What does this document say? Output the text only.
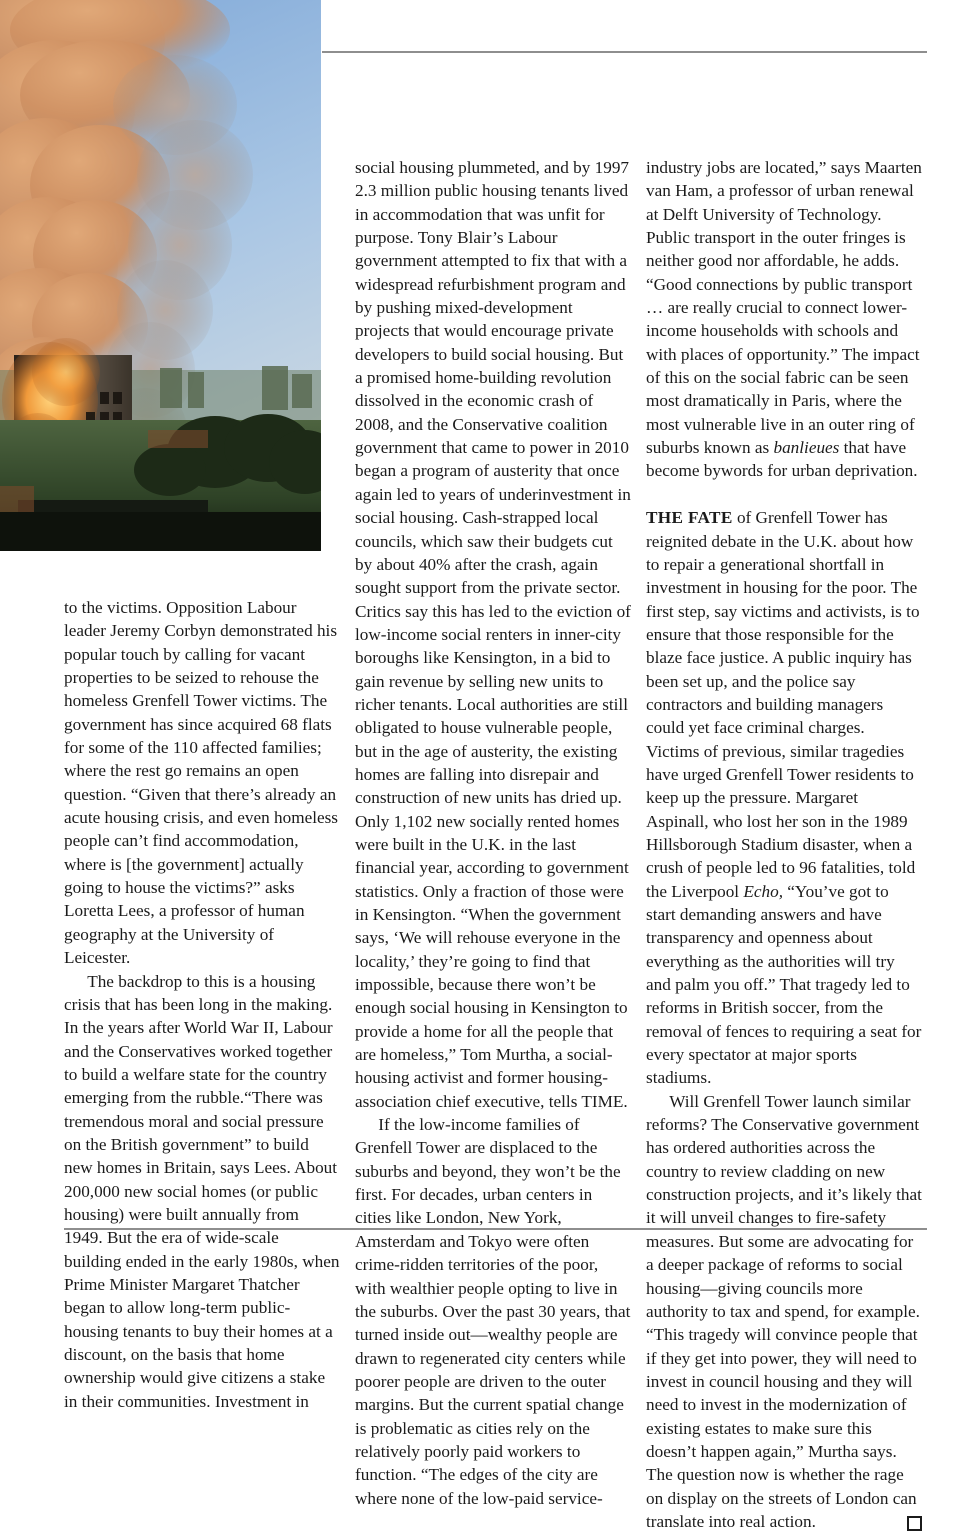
to the victims. Opposition Labour leader Jeremy Corbyn demonstrated his popular touch by calling for vacant properties to be seized to rehouse the homeless Grenfell Tower victims. The government has since acquired 68 flats for some of the 110 affected families; where the rest go remains an open question. “Given that there’s already an acute housing crisis, and even homeless people can’t find accommodation, where is [the government] actually going to house the victims?” asks Loretta Lees, a professor of human geography at the University of Leicester.

The backdrop to this is a housing crisis that has been long in the making. In the years after World War II, Labour and the Conservatives worked together to build a welfare state for the country emerging from the rubble.“There was tremendous moral and social pressure on the British government” to build new homes in Britain, says Lees. About 200,000 new social homes (or public housing) were built annually from 1949. But the era of wide-scale building ended in the early 1980s, when Prime Minister Margaret Thatcher began to allow long-term public-housing tenants to buy their homes at a discount, on the basis that home ownership would give citizens a stake in their communities. Investment in

social housing plummeted, and by 1997 2.3 million public housing tenants lived in accommodation that was unfit for purpose. Tony Blair’s Labour government attempted to fix that with a widespread refurbishment program and by pushing mixed-development projects that would encourage private developers to build social housing. But a promised home-building revolution dissolved in the economic crash of 2008, and the Conservative coalition government that came to power in 2010 began a program of austerity that once again led to years of underinvestment in social housing. Cash-strapped local councils, which saw their budgets cut by about 40% after the crash, again sought support from the private sector. Critics say this has led to the eviction of low-income social renters in inner-city boroughs like Kensington, in a bid to gain revenue by selling new units to richer tenants. Local authorities are still obligated to house vulnerable people, but in the age of austerity, the existing homes are falling into disrepair and construction of new units has dried up. Only 1,102 new socially rented homes were built in the U.K. in the last financial year, according to government statistics. Only a fraction of those were in Kensington. “When the government says, ‘We will rehouse everyone in the locality,’ they’re going to find that impossible, because there won’t be enough social housing in Kensington to provide a home for all the people that are homeless,” Tom Murtha, a social-housing activist and former housing-association chief executive, tells TIME.

If the low-income families of Grenfell Tower are displaced to the suburbs and beyond, they won’t be the first. For decades, urban centers in cities like London, New York, Amsterdam and Tokyo were often crime-ridden territories of the poor, with wealthier people opting to live in the suburbs. Over the past 30 years, that turned inside out—wealthy people are drawn to regenerated city centers while poorer people are driven to the outer margins. But the current spatial change is problematic as cities rely on the relatively poorly paid workers to function. “The edges of the city are where none of the low-paid service-

industry jobs are located,” says Maarten van Ham, a professor of urban renewal at Delft University of Technology. Public transport in the outer fringes is neither good nor affordable, he adds. “Good connections by public transport … are really crucial to connect lower-income households with schools and with places of opportunity.” The impact of this on the social fabric can be seen most dramatically in Paris, where the most vulnerable live in an outer ring of suburbs known as banlieues that have become bywords for urban deprivation.

THE FATE of Grenfell Tower has reignited debate in the U.K. about how to repair a generational shortfall in investment in housing for the poor. The first step, say victims and activists, is to ensure that those responsible for the blaze face justice. A public inquiry has been set up, and the police say contractors and building managers could yet face criminal charges. Victims of previous, similar tragedies have urged Grenfell Tower residents to keep up the pressure. Margaret Aspinall, who lost her son in the 1989 Hillsborough Stadium disaster, when a crush of people led to 96 fatalities, told the Liverpool Echo, “You’ve got to start demanding answers and have transparency and openness about everything as the authorities will try and palm you off.” That tragedy led to reforms in British soccer, from the removal of fences to requiring a seat for every spectator at major sports stadiums.

Will Grenfell Tower launch similar reforms? The Conservative government has ordered authorities across the country to review cladding on new construction projects, and it’s likely that it will unveil changes to fire-safety measures. But some are advocating for a deeper package of reforms to social housing—giving councils more authority to tax and spend, for example. “This tragedy will convince people that if they get into power, they will need to invest in council housing and they will need to invest in the modernization of existing estates to make sure this doesn’t happen again,” Murtha says. The question now is whether the rage on display on the streets of London can translate into real action.
